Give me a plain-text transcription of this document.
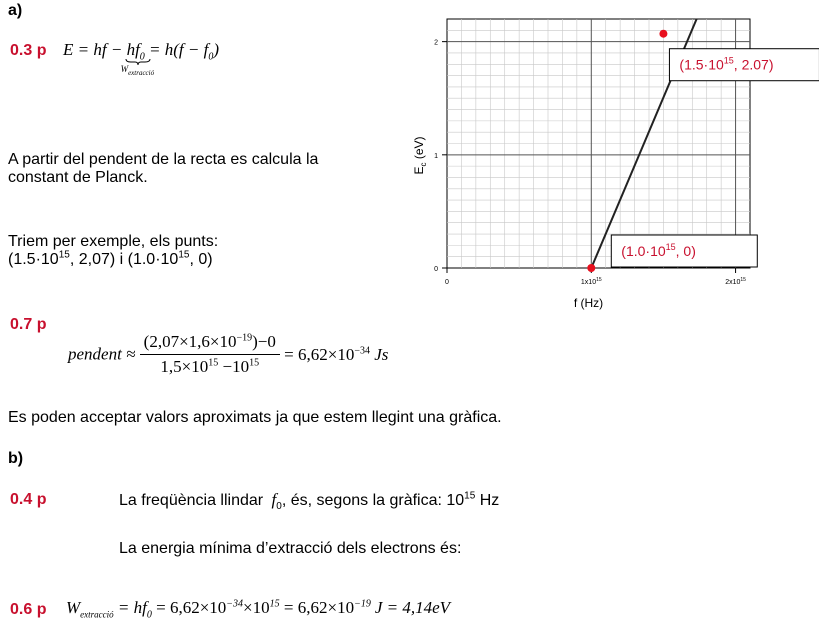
a)
0.3 p E = hf − $hf_0$
$W_{extracció}$
= $h(f - f_0)$
A partir del pendent de la recta es calcula la
constant de Planck.
Triem per exemple, els punts:
($1.5\cdot 10^{15}$, 2,07) i ($1.0\cdot 10^{15}$, 0)
0.7 p
pendent ≈ $\frac{(2,07\times 1,6\times 10^{-19})-0}{1,5\times 10^{15} -10^{15}} = 6,62\times 10^{-34}$ Js
Es poden acceptar valors aproximats ja que estem llegint una gràfica.
b)
0.4 p	La freqüència llindar $f_0$, és, segons la gràfica: $10^{15}$ Hz
La energia mínima d’extracció dels electrons és:
0.6 p $W_{extracció} = hf_0 = 6,62\times 10^{-34}\times 10^{15} = 6,62\times 10^{-19}$ J = 4,14eV
0	$1x10^{15}$	$2x10^{15}$
0
1
2
f (Hz)
$E_c$ (eV)
($1.0\cdot 10^{15}$, 0)
($1.5\cdot 10^{15}$, 2.07)
